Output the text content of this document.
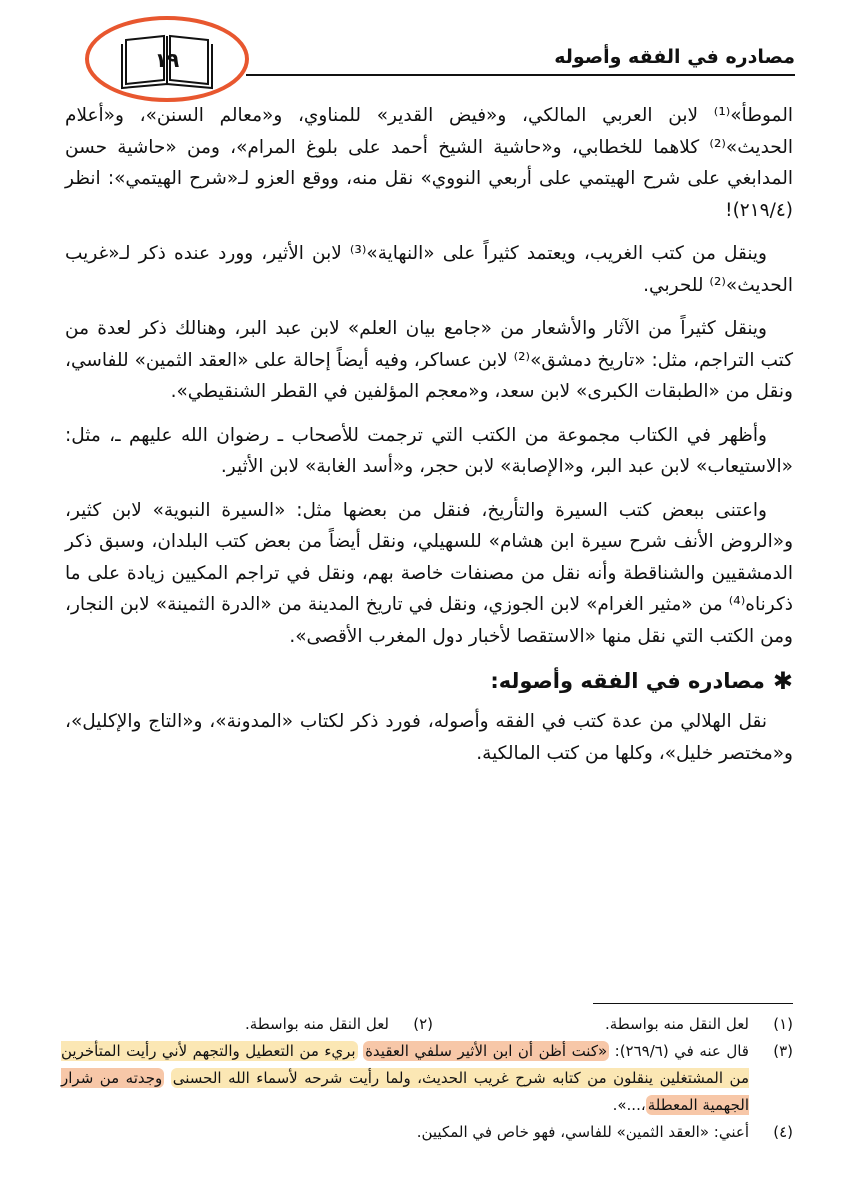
مصادره في الفقه وأصوله
١٩

الموطأ»⁽¹⁾ لابن العربي المالكي، و«فيض القدير» للمناوي، و«معالم السنن»، و«أعلام الحديث»⁽²⁾ كلاهما للخطابي، و«حاشية الشيخ أحمد على بلوغ المرام»، ومن «حاشية حسن المدابغي على شرح الهيتمي على أربعي النووي» نقل منه، ووقع العزو لـ«شرح الهيتمي»: انظر (٢١٩/٤)!

وينقل من كتب الغريب، ويعتمد كثيراً على «النهاية»⁽³⁾ لابن الأثير، وورد عنده ذكر لـ«غريب الحديث»⁽²⁾ للحربي.

وينقل كثيراً من الآثار والأشعار من «جامع بيان العلم» لابن عبد البر، وهنالك ذكر لعدة من كتب التراجم، مثل: «تاريخ دمشق»⁽²⁾ لابن عساكر، وفيه أيضاً إحالة على «العقد الثمين» للفاسي، ونقل من «الطبقات الكبرى» لابن سعد، و«معجم المؤلفين في القطر الشنقيطي».

وأظهر في الكتاب مجموعة من الكتب التي ترجمت للأصحاب ـ رضوان الله عليهم ـ، مثل: «الاستيعاب» لابن عبد البر، و«الإصابة» لابن حجر، و«أسد الغابة» لابن الأثير.

واعتنى ببعض كتب السيرة والتأريخ، فنقل من بعضها مثل: «السيرة النبوية» لابن كثير، و«الروض الأنف شرح سيرة ابن هشام» للسهيلي، ونقل أيضاً من بعض كتب البلدان، وسبق ذكر الدمشقيين والشناقطة وأنه نقل من مصنفات خاصة بهم، ونقل في تراجم المكيين زيادة على ما ذكرناه⁽⁴⁾ من «مثير الغرام» لابن الجوزي، ونقل في تاريخ المدينة من «الدرة الثمينة» لابن النجار، ومن الكتب التي نقل منها «الاستقصا لأخبار دول المغرب الأقصى».

✱
مصادره في الفقه وأصوله:

نقل الهلالي من عدة كتب في الفقه وأصوله، فورد ذكر لكتاب «المدونة»، و«التاج والإكليل»، و«مختصر خليل»، وكلها من كتب المالكية.

(١)
لعل النقل منه بواسطة.
(٢)
لعل النقل منه بواسطة.
(٣)
قال عنه في (٢٦٩/٦): «كنت أظن أن ابن الأثير سلفي العقيدة بريء من التعطيل والتجهم لأني رأيت المتأخرين من المشتغلين ينقلون من كتابه شرح غريب الحديث، ولما رأيت شرحه لأسماء الله الحسنى وجدته من شرار الجهمية المعطلة،...».
(٤)
أعني: «العقد الثمين» للفاسي، فهو خاص في المكيين.
